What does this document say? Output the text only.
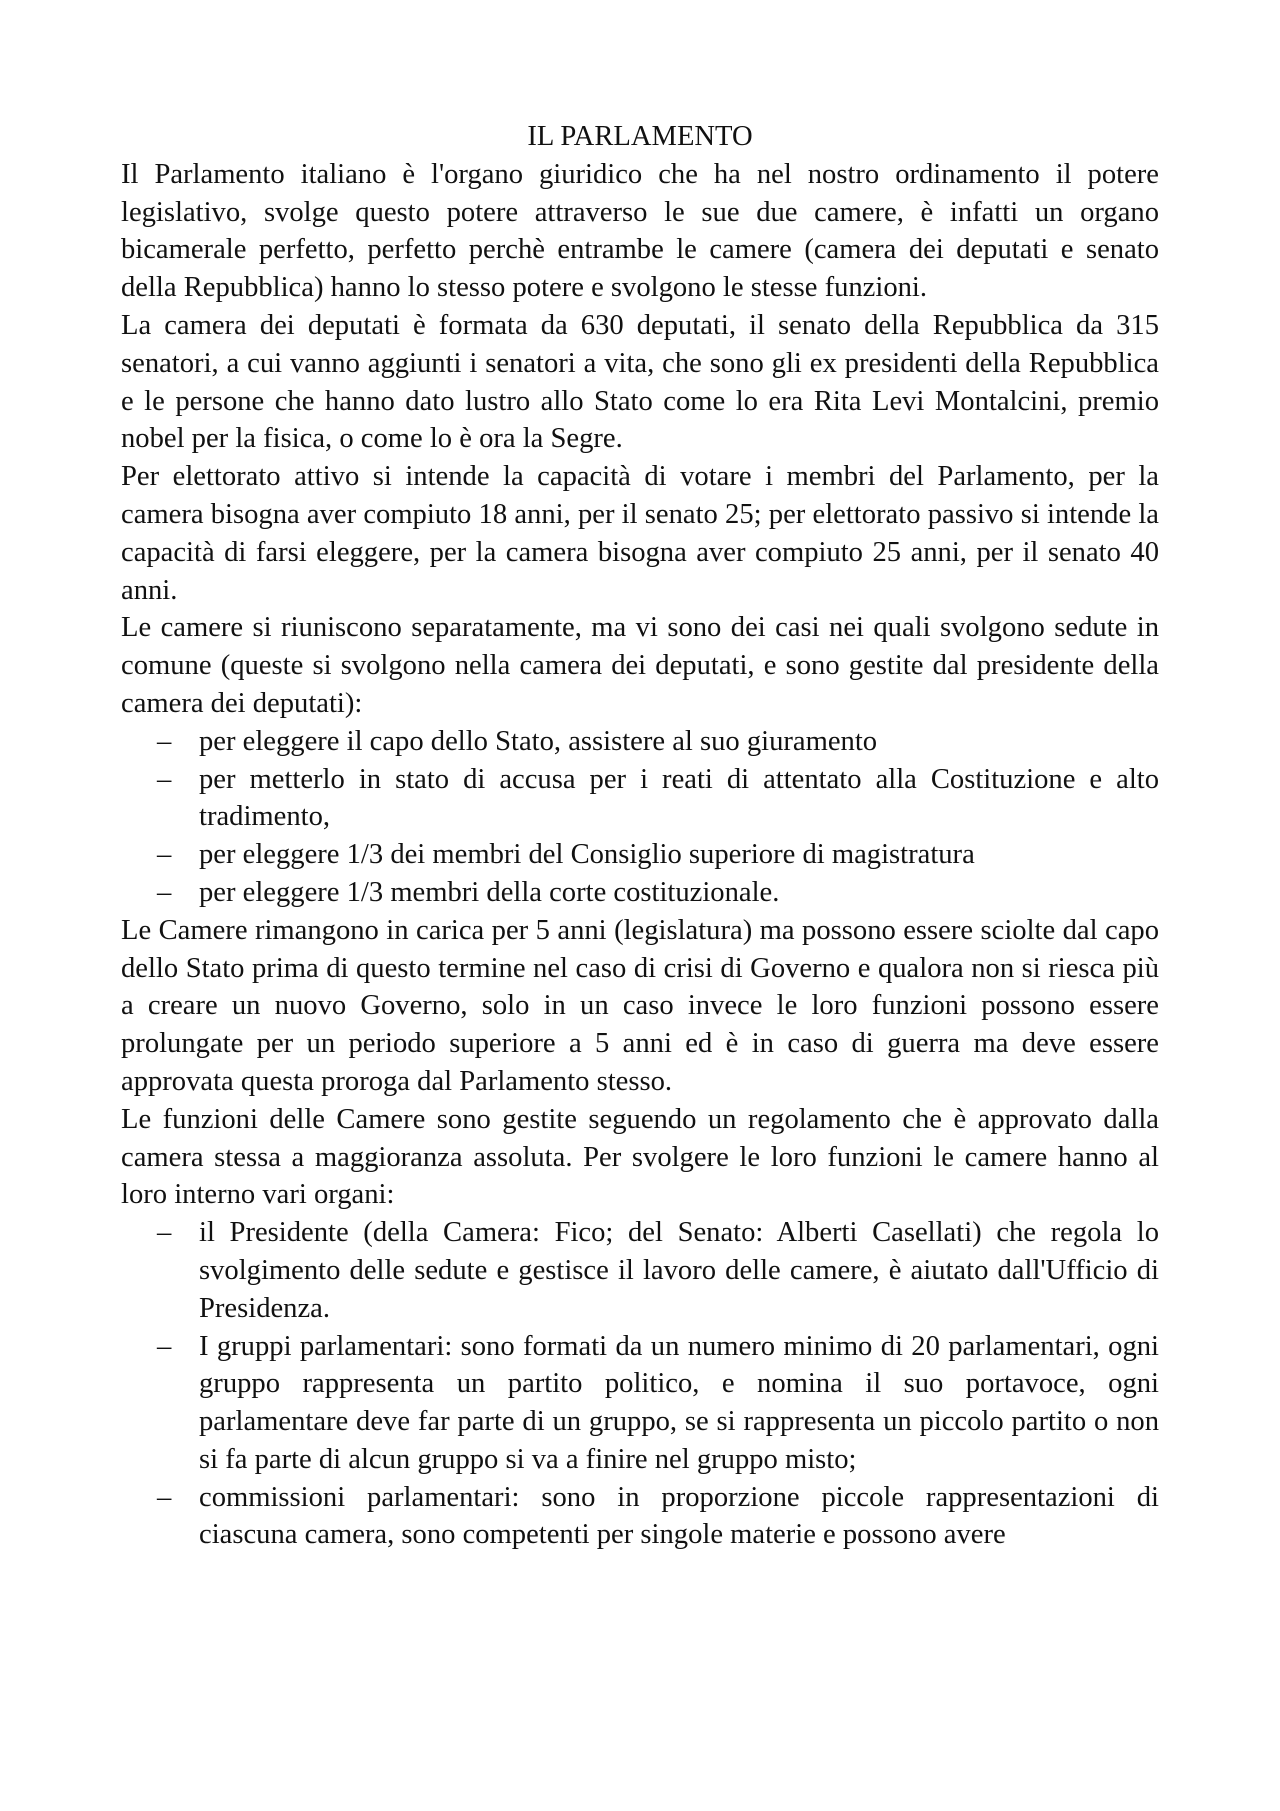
IL PARLAMENTO

Il Parlamento italiano è l'organo giuridico che ha nel nostro ordinamento il potere legislativo, svolge questo potere attraverso le sue due camere, è infatti un organo bicamerale perfetto, perfetto perchè entrambe le camere (camera dei deputati e senato della Repubblica) hanno lo stesso potere e svolgono le stesse funzioni.

La camera dei deputati è formata da 630 deputati, il senato della Repubblica da 315 senatori, a cui vanno aggiunti i senatori a vita, che sono gli ex presidenti della Repubblica e le persone che hanno dato lustro allo Stato come lo era Rita Levi Montalcini, premio nobel per la fisica, o come lo è ora la Segre.

Per elettorato attivo si intende la capacità di votare i membri del Parlamento, per la camera bisogna aver compiuto 18 anni, per il senato 25; per elettorato passivo si intende la capacità di farsi eleggere, per la camera bisogna aver compiuto 25 anni, per il senato 40 anni.

Le camere si riuniscono separatamente, ma vi sono dei casi nei quali svolgono sedute in comune (queste si svolgono nella camera dei deputati, e sono gestite dal presidente della camera dei deputati):

– per eleggere il capo dello Stato, assistere al suo giuramento
– per metterlo in stato di accusa per i reati di attentato alla Costituzione e alto tradimento,
– per eleggere 1/3 dei membri del Consiglio superiore di magistratura
– per eleggere 1/3 membri della corte costituzionale.

Le Camere rimangono in carica per 5 anni (legislatura) ma possono essere sciolte dal capo dello Stato prima di questo termine nel caso di crisi di Governo e qualora non si riesca più a creare un nuovo Governo, solo in un caso invece le loro funzioni possono essere prolungate per un periodo superiore a 5 anni ed è in caso di guerra ma deve essere approvata questa proroga dal Parlamento stesso.

Le funzioni delle Camere sono gestite seguendo un regolamento che è approvato dalla camera stessa a maggioranza assoluta. Per svolgere le loro funzioni le camere hanno al loro interno vari organi:

– il Presidente (della Camera: Fico; del Senato: Alberti Casellati) che regola lo svolgimento delle sedute e gestisce il lavoro delle camere, è aiutato dall'Ufficio di Presidenza.
– I gruppi parlamentari: sono formati da un numero minimo di 20 parlamentari, ogni gruppo rappresenta un partito politico, e nomina il suo portavoce, ogni parlamentare deve far parte di un gruppo, se si rappresenta un piccolo partito o non si fa parte di alcun gruppo si va a finire nel gruppo misto;
– commissioni parlamentari: sono in proporzione piccole rappresentazioni di ciascuna camera, sono competenti per singole materie e possono avere
